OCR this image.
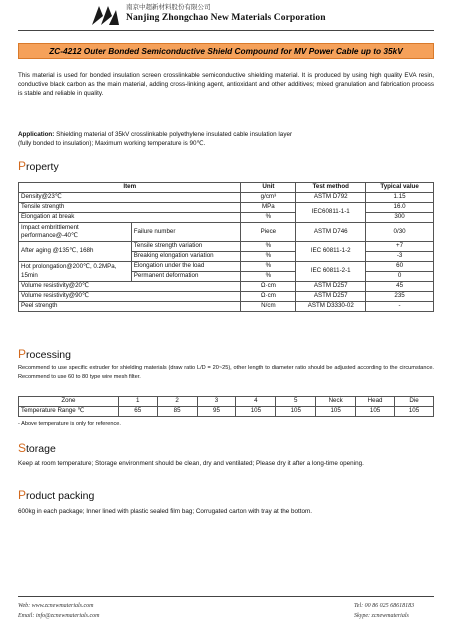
南京中超新材料股份有限公司
Nanjing Zhongchao New Materials Corporation
ZC-4212 Outer Bonded Semiconductive Shield Compound for MV Power Cable up to 35kV
This material is used for bonded insulation screen crosslinkable semiconductive shielding material. It is produced by using high quality EVA resin, conductive black carbon as the main material, adding cross-linking agent, antioxidant and other additives; mixed granulation and fabrication process is stable and reliable in quality.
Application: Shielding material of 35kV crosslinkable polyethylene insulated cable insulation layer
(fully bonded to insulation); Maximum working temperature is 90℃.
Property
Item		Unit	Test method	Typical value
Density@23℃		g/cm³	ASTM D792	1.15
Tensile strength		MPa	IEC60811-1-1	16.0
Elongation at break		%		300
Impact embrittlement performance@-40℃	Failure number	Piece	ASTM D746	0/30
After aging @135℃, 168h	Tensile strength variation	%	IEC 60811-1-2	+7
	Breaking elongation variation	%		-3
Hot prolongation@200℃, 0.2MPa, 15min	Elongation under the load	%	IEC 60811-2-1	60
	Permanent deformation	%		0
Volume resistivity@20℃		Ω·cm	ASTM D257	45
Volume resistivity@90℃		Ω·cm	ASTM D257	235
Peel strength		N/cm	ASTM D3330-02	-
Processing
Recommend to use specific extruder for shielding materials (draw ratio L/D = 20~25), other length to diameter ratio should be adjusted according to the circumstance. Recommend to use 60 to 80 type wire mesh filter.
Zone	1	2	3	4	5	Neck	Head	Die
Temperature Range ℃	65	85	95	105	105	105	105	105
- Above temperature is only for reference.
Storage
Keep at room temperature; Storage environment should be clean, dry and ventilated; Please dry it after a long-time opening.
Product packing
600kg in each package; Inner lined with plastic sealed film bag; Corrugated carton with tray at the bottom.
Web: www.zcnewmaterials.com
Email: info@zcnewmaterials.com
Tel: 00 86 025 68618183
Skype: zcnewmaterials
